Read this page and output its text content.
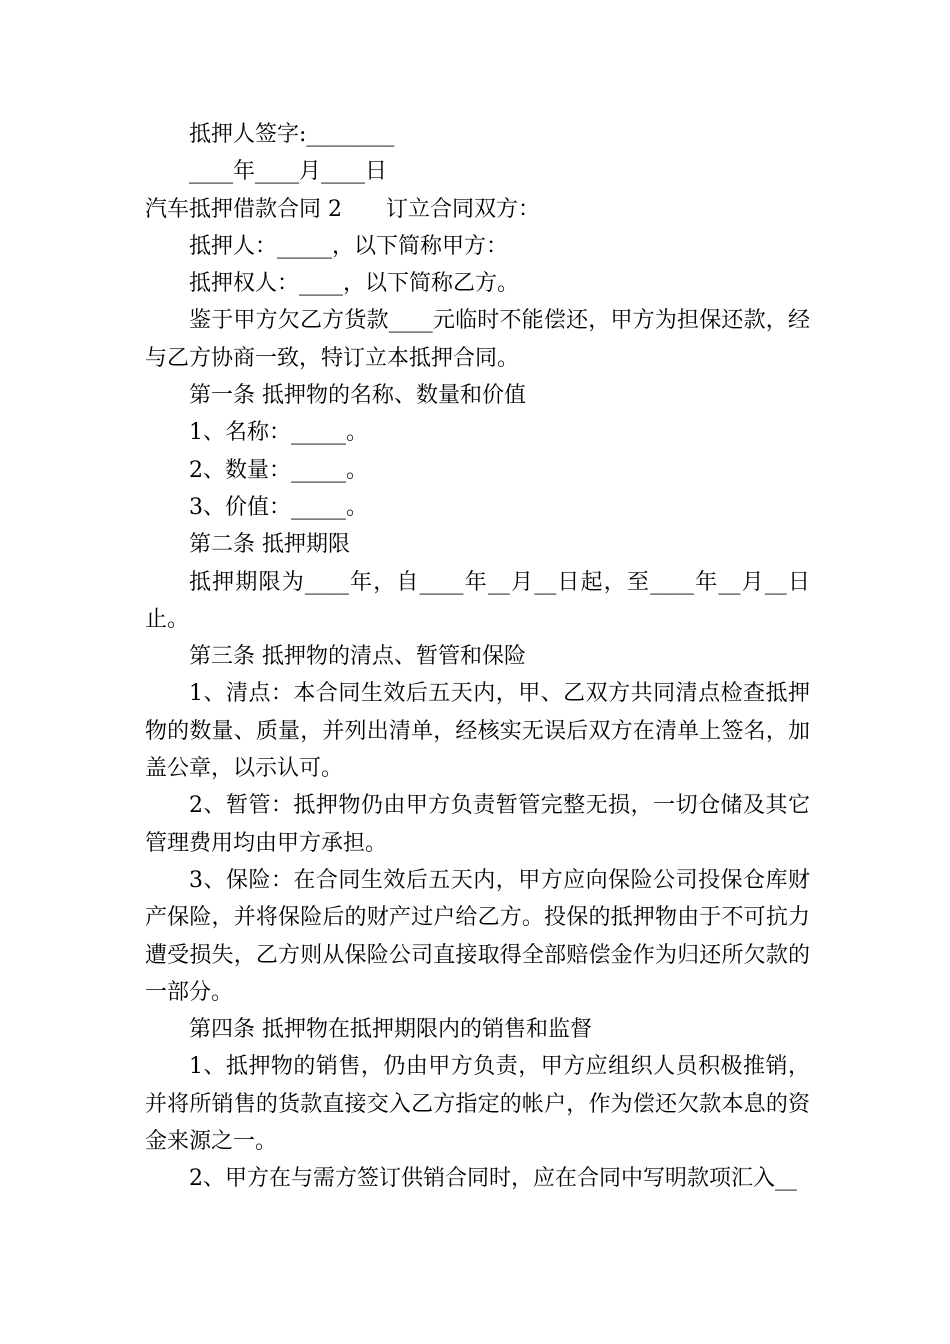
抵押人签字:________

____年____月____日

汽车抵押借款合同 2　　订立合同双方：

抵押人：_____，以下简称甲方：

抵押权人：____，以下简称乙方。

鉴于甲方欠乙方货款____元临时不能偿还，甲方为担保还款，经与乙方协商一致，特订立本抵押合同。

第一条 抵押物的名称、数量和价值

1、名称：_____。

2、数量：_____。

3、价值：_____。

第二条 抵押期限

抵押期限为____年，自____年__月__日起，至____年__月__日止。

第三条 抵押物的清点、暂管和保险

1、清点：本合同生效后五天内，甲、乙双方共同清点检查抵押物的数量、质量，并列出清单，经核实无误后双方在清单上签名，加盖公章，以示认可。

2、暂管：抵押物仍由甲方负责暂管完整无损，一切仓储及其它管理费用均由甲方承担。

3、保险：在合同生效后五天内，甲方应向保险公司投保仓库财产保险，并将保险后的财产过户给乙方。投保的抵押物由于不可抗力遭受损失，乙方则从保险公司直接取得全部赔偿金作为归还所欠款的一部分。

第四条 抵押物在抵押期限内的销售和监督

1、抵押物的销售，仍由甲方负责，甲方应组织人员积极推销，并将所销售的货款直接交入乙方指定的帐户，作为偿还欠款本息的资金来源之一。

2、甲方在与需方签订供销合同时，应在合同中写明款项汇入__
